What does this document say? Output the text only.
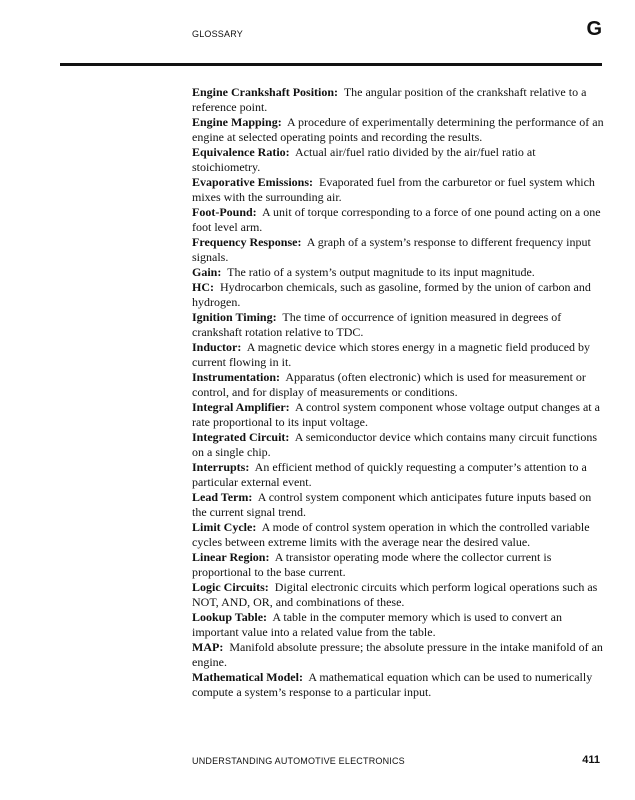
GLOSSARY	G

Engine Crankshaft Position: The angular position of the crankshaft relative to a reference point.

Engine Mapping: A procedure of experimentally determining the performance of an engine at selected operating points and recording the results.

Equivalence Ratio: Actual air/fuel ratio divided by the air/fuel ratio at stoichiometry.

Evaporative Emissions: Evaporated fuel from the carburetor or fuel system which mixes with the surrounding air.

Foot-Pound: A unit of torque corresponding to a force of one pound acting on a one foot level arm.

Frequency Response: A graph of a system’s response to different frequency input signals.

Gain: The ratio of a system’s output magnitude to its input magnitude.

HC: Hydrocarbon chemicals, such as gasoline, formed by the union of carbon and hydrogen.

Ignition Timing: The time of occurrence of ignition measured in degrees of crankshaft rotation relative to TDC.

Inductor: A magnetic device which stores energy in a magnetic field produced by current flowing in it.

Instrumentation: Apparatus (often electronic) which is used for measurement or control, and for display of measurements or conditions.

Integral Amplifier: A control system component whose voltage output changes at a rate proportional to its input voltage.

Integrated Circuit: A semiconductor device which contains many circuit functions on a single chip.

Interrupts: An efficient method of quickly requesting a computer’s attention to a particular external event.

Lead Term: A control system component which anticipates future inputs based on the current signal trend.

Limit Cycle: A mode of control system operation in which the controlled variable cycles between extreme limits with the average near the desired value.

Linear Region: A transistor operating mode where the collector current is proportional to the base current.

Logic Circuits: Digital electronic circuits which perform logical operations such as NOT, AND, OR, and combinations of these.

Lookup Table: A table in the computer memory which is used to convert an important value into a related value from the table.

MAP: Manifold absolute pressure; the absolute pressure in the intake manifold of an engine.

Mathematical Model: A mathematical equation which can be used to numerically compute a system’s response to a particular input.

UNDERSTANDING AUTOMOTIVE ELECTRONICS	411
